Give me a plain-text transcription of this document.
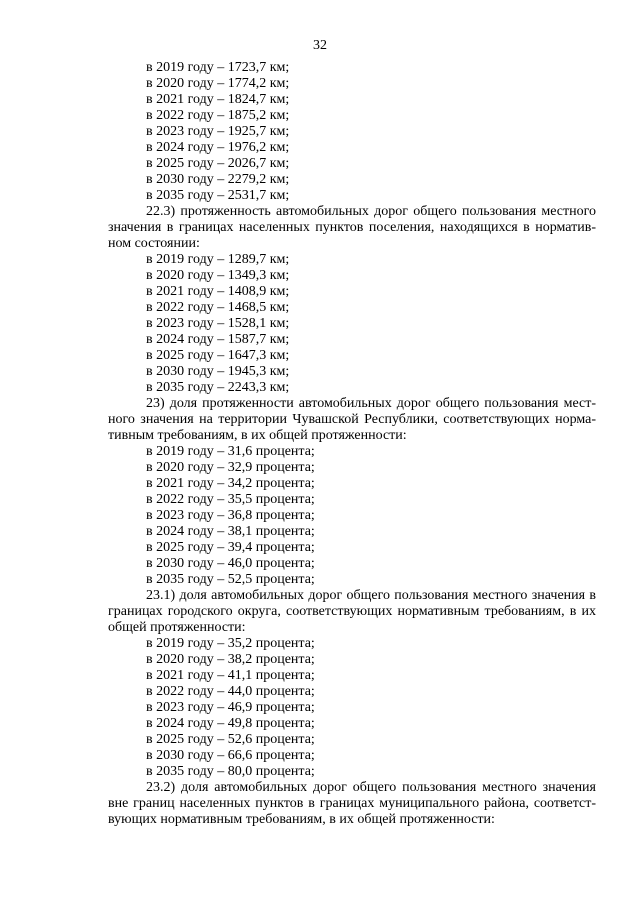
32
в 2019 году – 1723,7 км;
в 2020 году – 1774,2 км;
в 2021 году – 1824,7 км;
в 2022 году – 1875,2 км;
в 2023 году – 1925,7 км;
в 2024 году – 1976,2 км;
в 2025 году – 2026,7 км;
в 2030 году – 2279,2 км;
в 2035 году – 2531,7 км;
22.3) протяженность автомобильных дорог общего пользования местного
значения в границах населенных пунктов поселения, находящихся в норматив-
ном состоянии:
в 2019 году – 1289,7 км;
в 2020 году – 1349,3 км;
в 2021 году – 1408,9 км;
в 2022 году – 1468,5 км;
в 2023 году – 1528,1 км;
в 2024 году – 1587,7 км;
в 2025 году – 1647,3 км;
в 2030 году – 1945,3 км;
в 2035 году – 2243,3 км;
23) доля протяженности автомобильных дорог общего пользования мест-
ного значения на территории Чувашской Республики, соответствующих норма-
тивным требованиям, в их общей протяженности:
в 2019 году – 31,6 процента;
в 2020 году – 32,9 процента;
в 2021 году – 34,2 процента;
в 2022 году – 35,5 процента;
в 2023 году – 36,8 процента;
в 2024 году – 38,1 процента;
в 2025 году – 39,4 процента;
в 2030 году – 46,0 процента;
в 2035 году – 52,5 процента;
23.1) доля автомобильных дорог общего пользования местного значения в
границах городского округа, соответствующих нормативным требованиям, в их
общей протяженности:
в 2019 году – 35,2 процента;
в 2020 году – 38,2 процента;
в 2021 году – 41,1 процента;
в 2022 году – 44,0 процента;
в 2023 году – 46,9 процента;
в 2024 году – 49,8 процента;
в 2025 году – 52,6 процента;
в 2030 году – 66,6 процента;
в 2035 году – 80,0 процента;
23.2) доля автомобильных дорог общего пользования местного значения
вне границ населенных пунктов в границах муниципального района, соответст-
вующих нормативным требованиям, в их общей протяженности:
